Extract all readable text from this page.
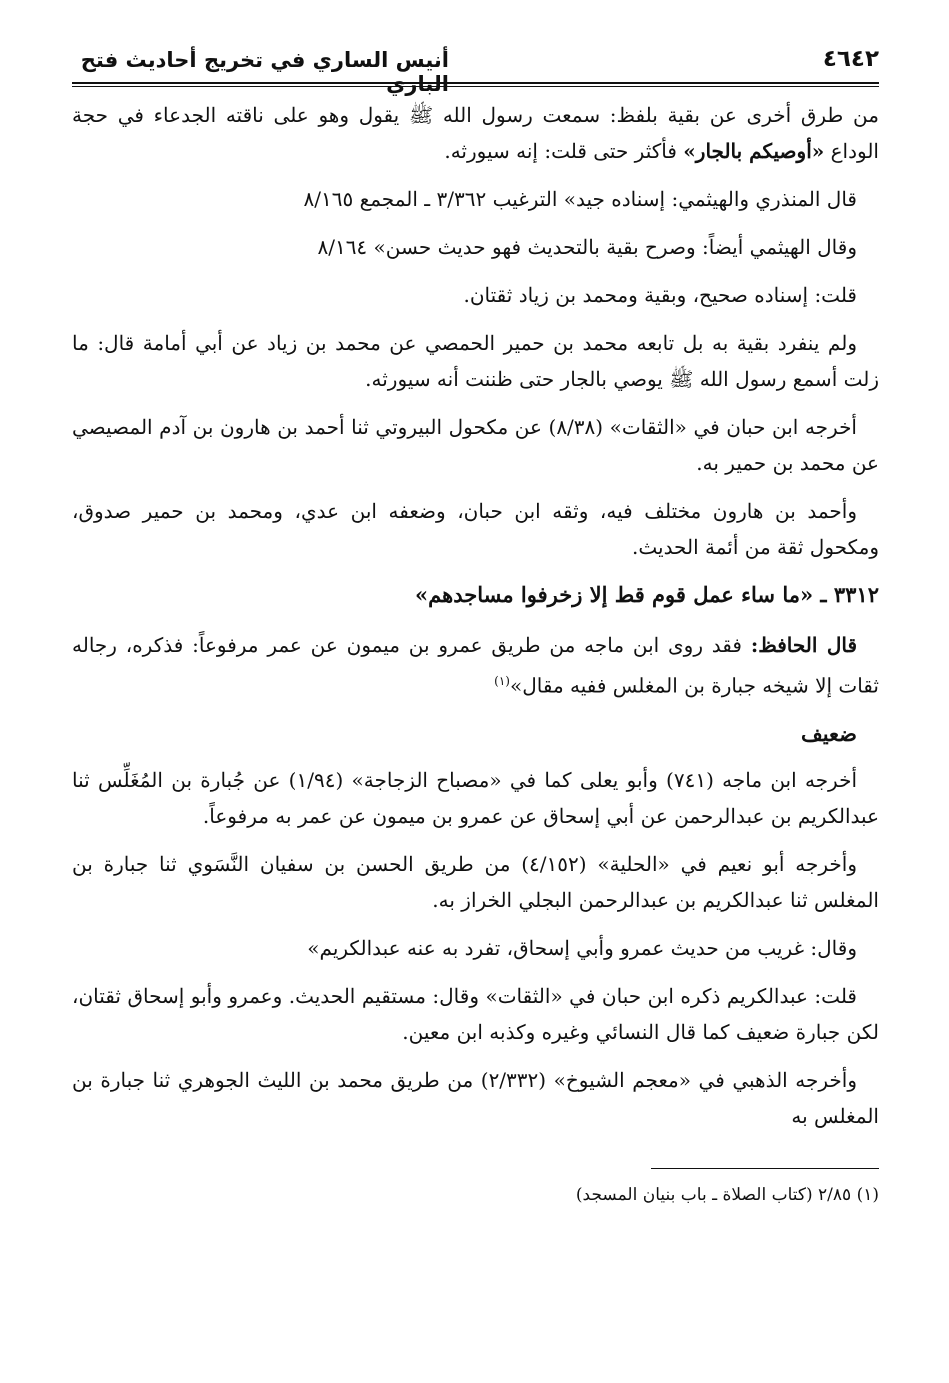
٤٦٤٢
أنيس الساري في تخريج أحاديث فتح الباري

من طرق أخرى عن بقية بلفظ: سمعت رسول الله ﷺ يقول وهو على ناقته الجدعاء في حجة الوداع «أوصيكم بالجار» فأكثر حتى قلت: إنه سيورثه.

قال المنذري والهيثمي: إسناده جيد» الترغيب ٣/٣٦٢ ـ المجمع ٨/١٦٥

وقال الهيثمي أيضاً: وصرح بقية بالتحديث فهو حديث حسن» ٨/١٦٤

قلت: إسناده صحيح، وبقية ومحمد بن زياد ثقتان.

ولم ينفرد بقية به بل تابعه محمد بن حمير الحمصي عن محمد بن زياد عن أبي أمامة قال: ما زلت أسمع رسول الله ﷺ يوصي بالجار حتى ظننت أنه سيورثه.

أخرجه ابن حبان في «الثقات» (٨/٣٨) عن مكحول البيروتي ثنا أحمد بن هارون بن آدم المصيصي عن محمد بن حمير به.

وأحمد بن هارون مختلف فيه، وثقه ابن حبان، وضعفه ابن عدي، ومحمد بن حمير صدوق، ومكحول ثقة من أئمة الحديث.

٣٣١٢ ـ «ما ساء عمل قوم قط إلا زخرفوا مساجدهم»

قال الحافظ: فقد روى ابن ماجه من طريق عمرو بن ميمون عن عمر مرفوعاً: فذكره، رجاله ثقات إلا شيخه جبارة بن المغلس ففيه مقال»$^{(١)}$

ضعيف

أخرجه ابن ماجه (٧٤١) وأبو يعلى كما في «مصباح الزجاجة» (١/٩٤) عن جُبارة بن المُغَلِّس ثنا عبدالكريم بن عبدالرحمن عن أبي إسحاق عن عمرو بن ميمون عن عمر به مرفوعاً.

وأخرجه أبو نعيم في «الحلية» (٤/١٥٢) من طريق الحسن بن سفيان النَّسَوي ثنا جبارة بن المغلس ثنا عبدالكريم بن عبدالرحمن البجلي الخراز به.

وقال: غريب من حديث عمرو وأبي إسحاق، تفرد به عنه عبدالكريم»

قلت: عبدالكريم ذكره ابن حبان في «الثقات» وقال: مستقيم الحديث. وعمرو وأبو إسحاق ثقتان، لكن جبارة ضعيف كما قال النسائي وغيره وكذبه ابن معين.

وأخرجه الذهبي في «معجم الشيوخ» (٢/٣٣٢) من طريق محمد بن الليث الجوهري ثنا جبارة بن المغلس به

(١) ٢/٨٥ (كتاب الصلاة ـ باب بنيان المسجد)
